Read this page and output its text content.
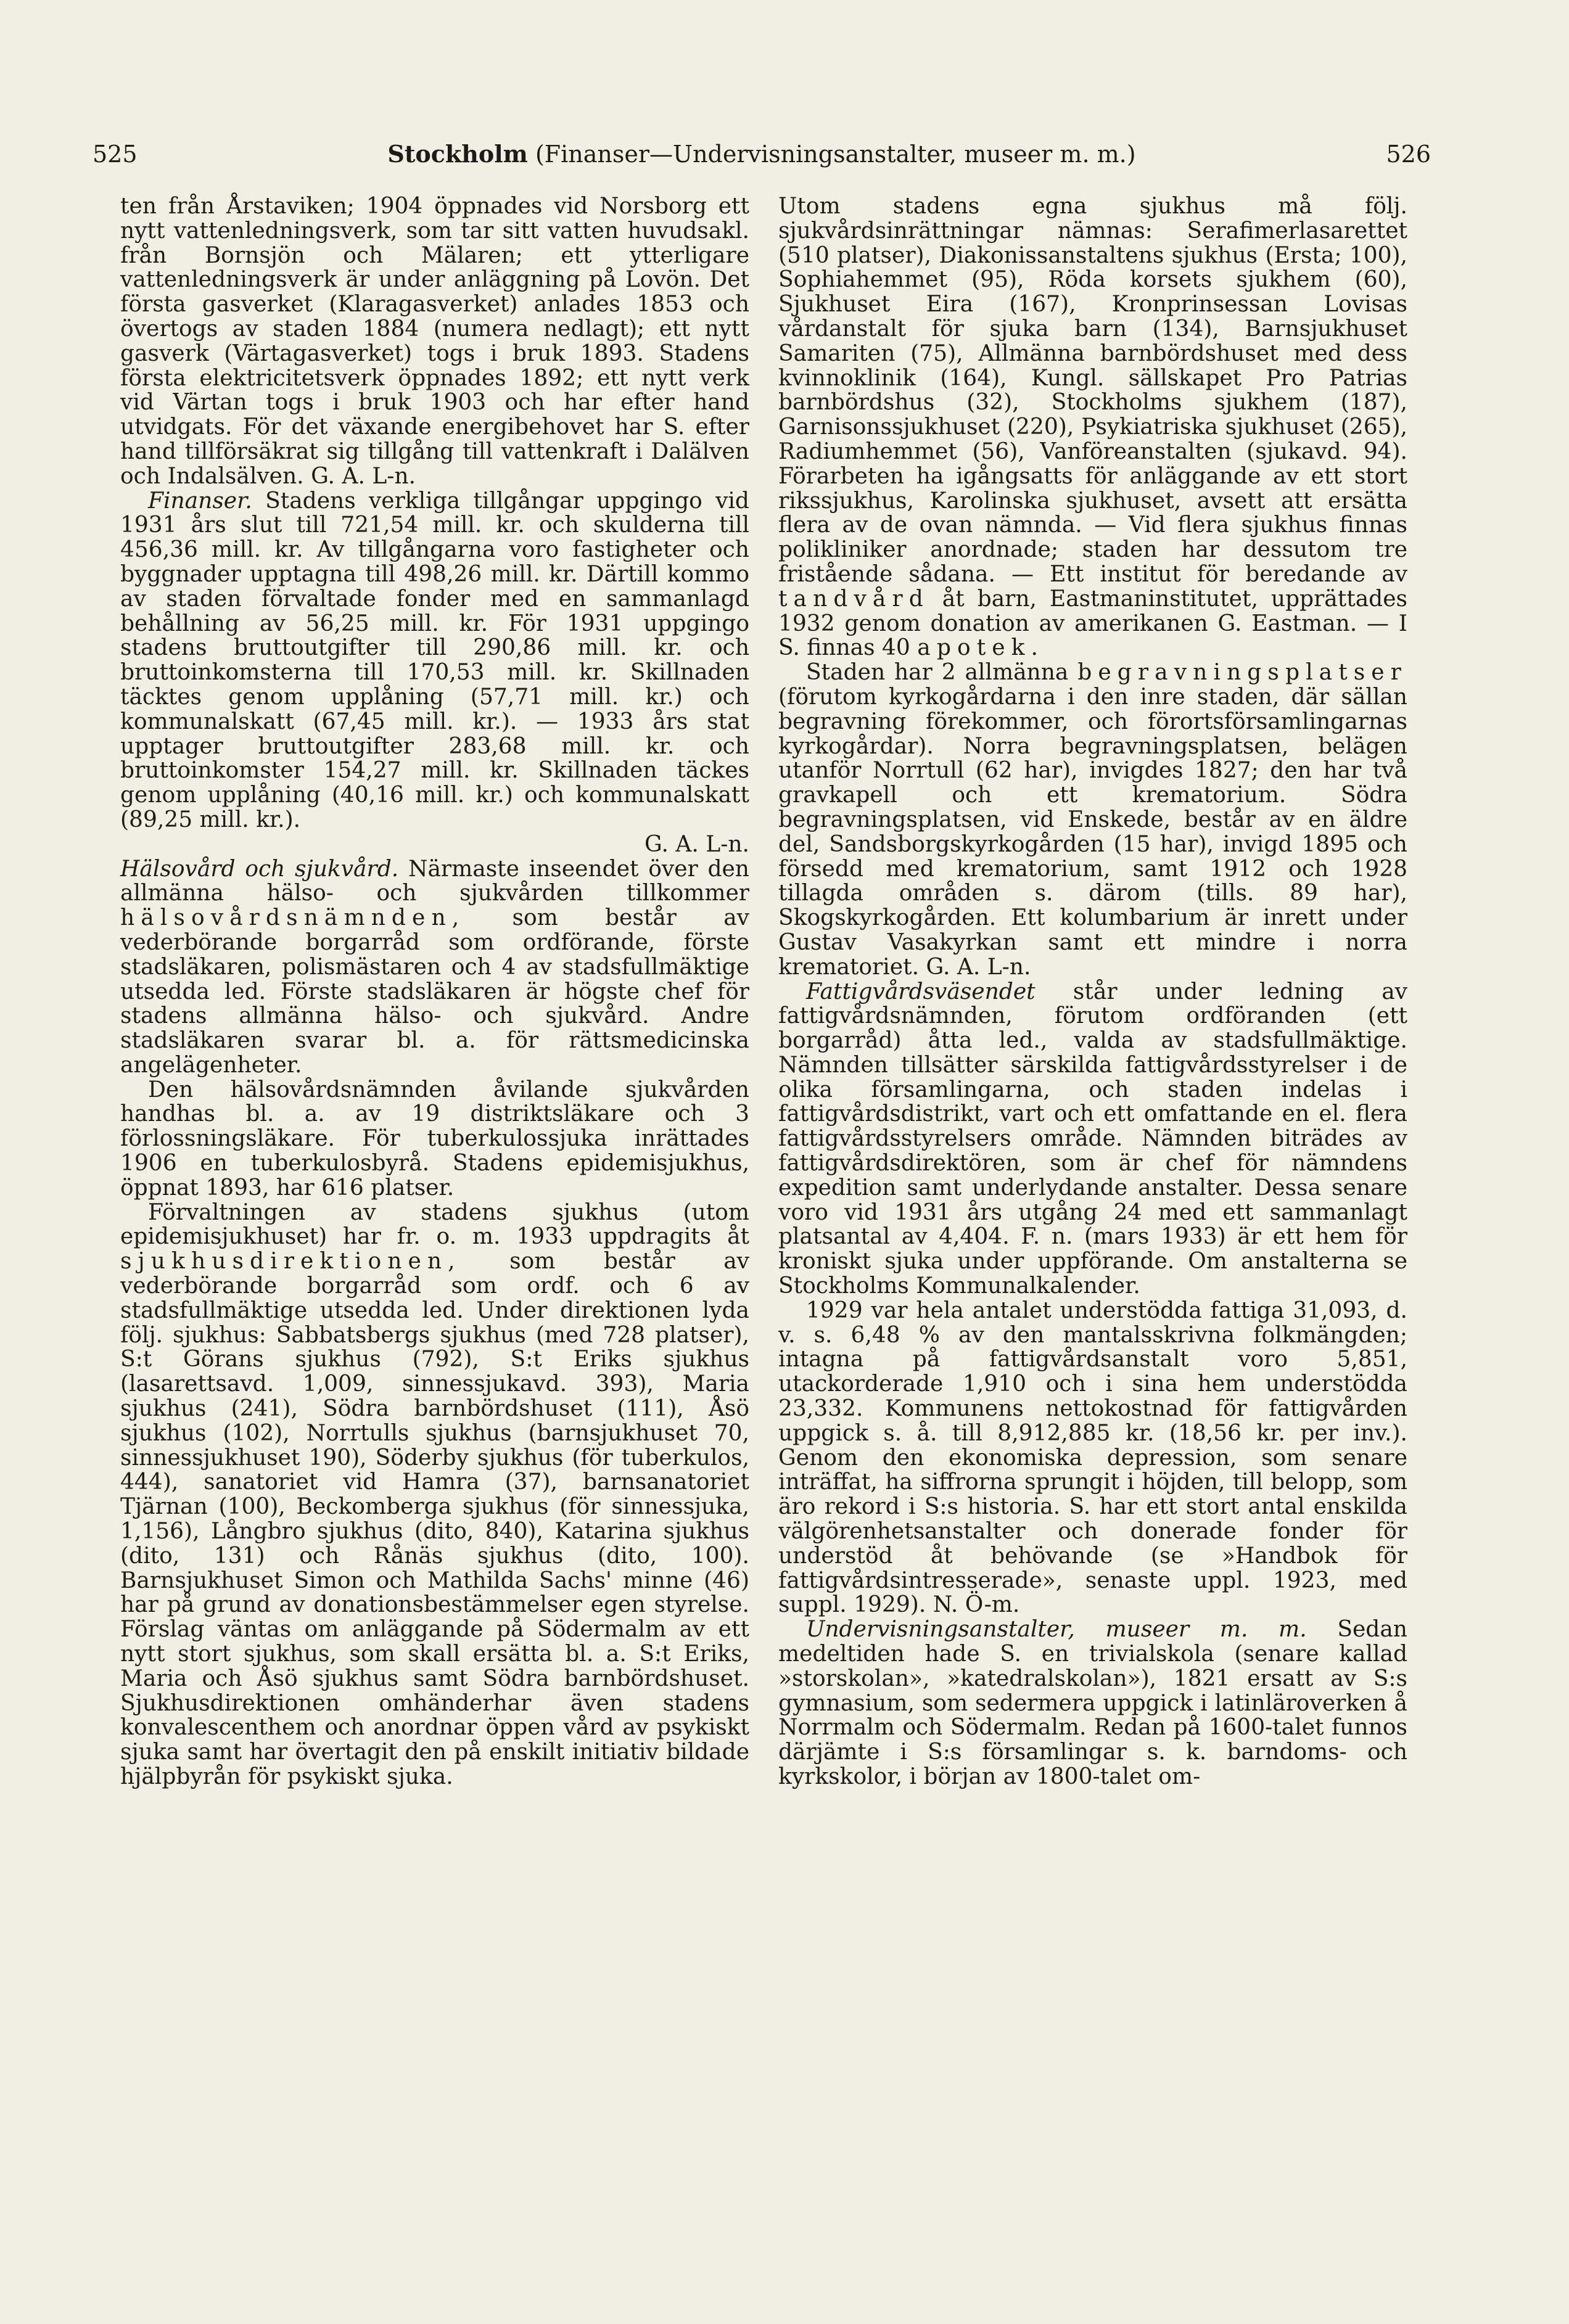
525	Stockholm (Finanser—Undervisningsanstalter, museer m. m.)	526

ten från Årstaviken; 1904 öppnades vid Norsborg ett nytt vattenledningsverk, som tar sitt vatten huvudsakl. från Bornsjön och Mälaren; ett ytterligare vattenledningsverk är under anläggning på Lovön. Det första gasverket (Klaragasverket) anlades 1853 och övertogs av staden 1884 (numera nedlagt); ett nytt gasverk (Värtagasverket) togs i bruk 1893. Stadens första elektricitetsverk öppnades 1892; ett nytt verk vid Värtan togs i bruk 1903 och har efter hand utvidgats. För det växande energibehovet har S. efter hand tillförsäkrat sig tillgång till vattenkraft i Dalälven och Indalsälven. G. A. L-n.

Finanser. Stadens verkliga tillgångar uppgingo vid 1931 års slut till 721,54 mill. kr. och skulderna till 456,36 mill. kr. Av tillgångarna voro fastigheter och byggnader upptagna till 498,26 mill. kr. Därtill kommo av staden förvaltade fonder med en sammanlagd behållning av 56,25 mill. kr. För 1931 uppgingo stadens bruttoutgifter till 290,86 mill. kr. och bruttoinkomsterna till 170,53 mill. kr. Skillnaden täcktes genom upplåning (57,71 mill. kr.) och kommunalskatt (67,45 mill. kr.). — 1933 års stat upptager bruttoutgifter 283,68 mill. kr. och bruttoinkomster 154,27 mill. kr. Skillnaden täckes genom upplåning (40,16 mill. kr.) och kommunalskatt (89,25 mill. kr.).

G. A. L-n.

Hälsovård och sjukvård. Närmaste inseendet över den allmänna hälso- och sjukvården tillkommer hälsovårdsnämnden, som består av vederbörande borgarråd som ordförande, förste stadsläkaren, polismästaren och 4 av stadsfullmäktige utsedda led. Förste stadsläkaren är högste chef för stadens allmänna hälso- och sjukvård. Andre stadsläkaren svarar bl. a. för rättsmedicinska angelägenheter.

Den hälsovårdsnämnden åvilande sjukvården handhas bl. a. av 19 distriktsläkare och 3 förlossningsläkare. För tuberkulossjuka inrättades 1906 en tuberkulosbyrå. Stadens epidemisjukhus, öppnat 1893, har 616 platser.

Förvaltningen av stadens sjukhus (utom epidemisjukhuset) har fr. o. m. 1933 uppdragits åt sjukhusdirektionen, som består av vederbörande borgarråd som ordf. och 6 av stadsfullmäktige utsedda led. Under direktionen lyda följ. sjukhus: Sabbatsbergs sjukhus (med 728 platser), S:t Görans sjukhus (792), S:t Eriks sjukhus (lasarettsavd. 1,009, sinnessjukavd. 393), Maria sjukhus (241), Södra barnbördshuset (111), Åsö sjukhus (102), Norrtulls sjukhus (barnsjukhuset 70, sinnessjukhuset 190), Söderby sjukhus (för tuberkulos, 444), sanatoriet vid Hamra (37), barnsanatoriet Tjärnan (100), Beckomberga sjukhus (för sinnessjuka, 1,156), Långbro sjukhus (dito, 840), Katarina sjukhus (dito, 131) och Rånäs sjukhus (dito, 100). Barnsjukhuset Simon och Mathilda Sachs' minne (46) har på grund av donationsbestämmelser egen styrelse. Förslag väntas om anläggande på Södermalm av ett nytt stort sjukhus, som skall ersätta bl. a. S:t Eriks, Maria och Åsö sjukhus samt Södra barnbördshuset. Sjukhusdirektionen omhänderhar även stadens konvalescenthem och anordnar öppen vård av psykiskt sjuka samt har övertagit den på enskilt initiativ bildade hjälpbyrån för psykiskt sjuka.

Utom stadens egna sjukhus må följ. sjukvårdsinrättningar nämnas: Serafimerlasarettet (510 platser), Diakonissanstaltens sjukhus (Ersta; 100), Sophiahemmet (95), Röda korsets sjukhem (60), Sjukhuset Eira (167), Kronprinsessan Lovisas vårdanstalt för sjuka barn (134), Barnsjukhuset Samariten (75), Allmänna barnbördshuset med dess kvinnoklinik (164), Kungl. sällskapet Pro Patrias barnbördshus (32), Stockholms sjukhem (187), Garnisonssjukhuset (220), Psykiatriska sjukhuset (265), Radiumhemmet (56), Vanföreanstalten (sjukavd. 94). Förarbeten ha igångsatts för anläggande av ett stort rikssjukhus, Karolinska sjukhuset, avsett att ersätta flera av de ovan nämnda. — Vid flera sjukhus finnas polikliniker anordnade; staden har dessutom tre fristående sådana. — Ett institut för beredande av tandvård åt barn, Eastmaninstitutet, upprättades 1932 genom donation av amerikanen G. Eastman. — I S. finnas 40 apotek.

Staden har 2 allmänna begravningsplatser (förutom kyrkogårdarna i den inre staden, där sällan begravning förekommer, och förortsförsamlingarnas kyrkogårdar). Norra begravningsplatsen, belägen utanför Norrtull (62 har), invigdes 1827; den har två gravkapell och ett krematorium. Södra begravningsplatsen, vid Enskede, består av en äldre del, Sandsborgskyrkogården (15 har), invigd 1895 och försedd med krematorium, samt 1912 och 1928 tillagda områden s. därom (tills. 89 har), Skogskyrkogården. Ett kolumbarium är inrett under Gustav Vasakyrkan samt ett mindre i norra krematoriet. G. A. L-n.

Fattigvårdsväsendet står under ledning av fattigvårdsnämnden, förutom ordföranden (ett borgarråd) åtta led., valda av stadsfullmäktige. Nämnden tillsätter särskilda fattigvårdsstyrelser i de olika församlingarna, och staden indelas i fattigvårdsdistrikt, vart och ett omfattande en el. flera fattigvårdsstyrelsers område. Nämnden biträdes av fattigvårdsdirektören, som är chef för nämndens expedition samt underlydande anstalter. Dessa senare voro vid 1931 års utgång 24 med ett sammanlagt platsantal av 4,404. F. n. (mars 1933) är ett hem för kroniskt sjuka under uppförande. Om anstalterna se Stockholms Kommunalkalender.

1929 var hela antalet understödda fattiga 31,093, d. v. s. 6,48 % av den mantalsskrivna folkmängden; intagna på fattigvårdsanstalt voro 5,851, utackorderade 1,910 och i sina hem understödda 23,332. Kommunens nettokostnad för fattigvården uppgick s. å. till 8,912,885 kr. (18,56 kr. per inv.). Genom den ekonomiska depression, som senare inträffat, ha siffrorna sprungit i höjden, till belopp, som äro rekord i S:s historia. S. har ett stort antal enskilda välgörenhetsanstalter och donerade fonder för understöd åt behövande (se »Handbok för fattigvårdsintresserade», senaste uppl. 1923, med suppl. 1929). N. Ö-m.

Undervisningsanstalter, museer m. m. Sedan medeltiden hade S. en trivialskola (senare kallad »storskolan», »katedralskolan»), 1821 ersatt av S:s gymnasium, som sedermera uppgick i latinläroverken å Norrmalm och Södermalm. Redan på 1600-talet funnos därjämte i S:s församlingar s. k. barndoms- och kyrkskolor, i början av 1800-talet om-
